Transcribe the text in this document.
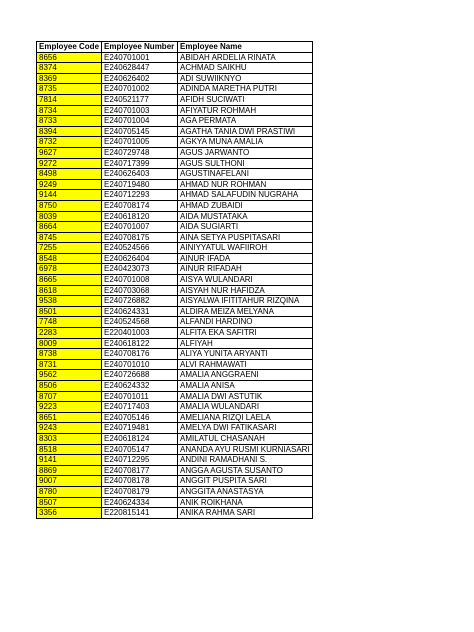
Employee Code	Employee Number	Employee Name
8656	E240701001	ABIDAH ARDELIA RINATA
8374	E240628447	ACHMAD SAIKHU
8369	E240626402	ADI SUWIIKNYO
8735	E240701002	ADINDA MARETHA PUTRI
7814	E240521177	AFIDH SUCIWATI
8734	E240701003	AFIYATUR ROHMAH
8733	E240701004	AGA PERMATA
8394	E240705145	AGATHA TANIA DWI PRASTIWI
8732	E240701005	AGKYA MUNA AMALIA
9627	E240729748	AGUS JARWANTO
9272	E240717399	AGUS SULTHONI
8498	E240626403	AGUSTINAFELANI
9249	E240719480	AHMAD NUR ROHMAN
9144	E240712293	AHMAD SALAFUDIN NUGRAHA
8750	E240708174	AHMAD ZUBAIDI
8039	E240618120	AIDA MUSTATAKA
8664	E240701007	AIDA SUGIARTI
8745	E240708175	AINA SETYA PUSPITASARI
7255	E240524566	AINIYYATUL WAFIIROH
8548	E240626404	AINUR IFADA
6978	E240423073	AINUR RIFADAH
8665	E240701008	AISYA WULANDARI
8618	E240703068	AISYAH NUR HAFIDZA
9538	E240726882	AISYALWA IFITITAHUR RIZQINA
8501	E240624331	ALDIRA MEIZA MELYANA
7748	E240524568	ALFANDI HARDINO
2283	E220401003	ALFITA EKA SAFITRI
8009	E240618122	ALFIYAH
8738	E240708176	ALIYA YUNITA ARYANTI
8731	E240701010	ALVI RAHMAWATI
9562	E240726688	AMALIA ANGGRAENI
8506	E240624332	AMALIA ANISA
8707	E240701011	AMALIA DWI ASTUTIK
9223	E240717403	AMALIA WULANDARI
8651	E240705146	AMELIANA RIZQI LAELA
9243	E240719481	AMELYA DWI FATIKASARI
8303	E240618124	AMILATUL CHASANAH
8518	E240705147	ANANDA AYU RUSMI KURNIASARI
9141	E240712295	ANDINI RAMADHANI S.
8869	E240708177	ANGGA AGUSTA SUSANTO
9007	E240708178	ANGGIT PUSPITA SARI
8780	E240708179	ANGGITA ANASTASYA
8507	E240624334	ANIK ROIKHANA
3356	E220815141	ANIKA RAHMA SARI
